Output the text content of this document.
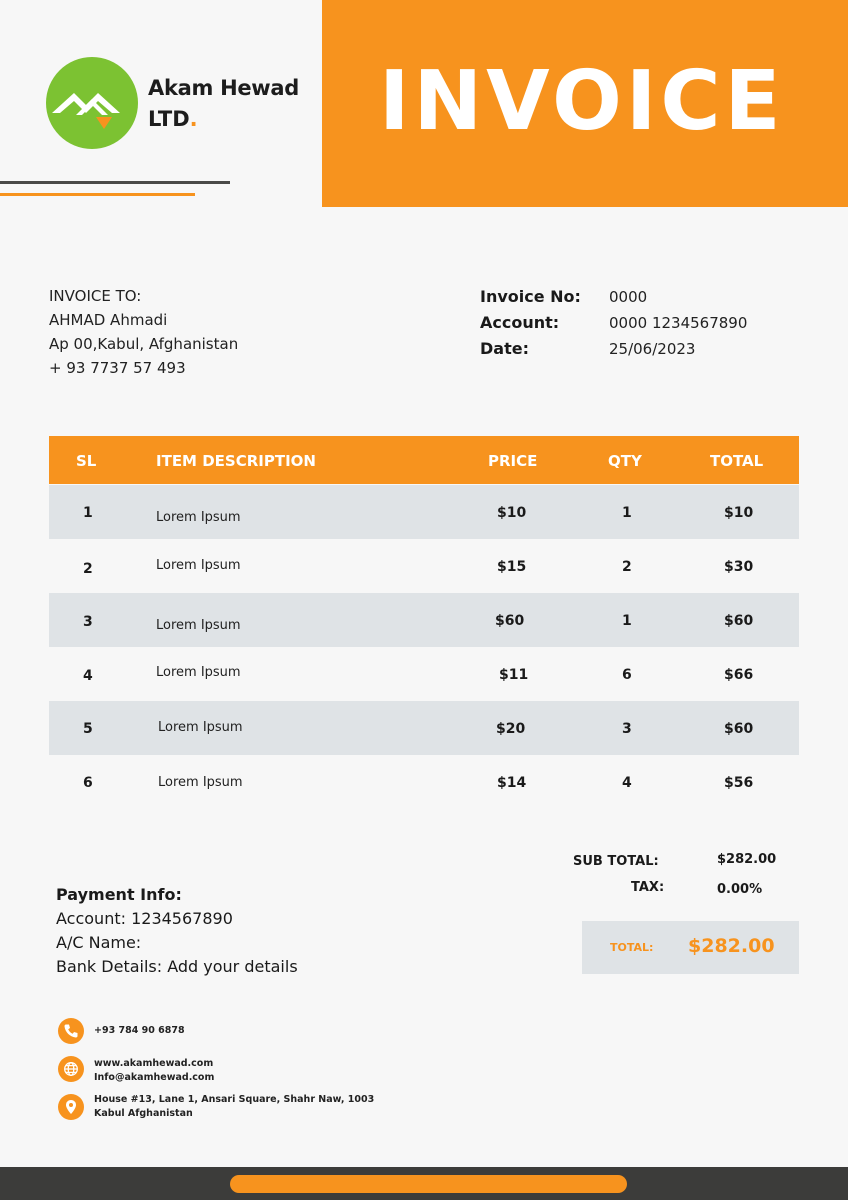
Akam Hewad
LTD. INVOICE
INVOICE TO:
AHMAD Ahmadi
Ap 00,Kabul, Afghanistan
+ 93 7737 57 493
Invoice No: 0000
Account:	0000 1234567890
Date:	25/06/2023
SL	ITEM DESCRIPTION	PRICE	QTY	TOTAL
1	Lorem Ipsum	$10	1	$10
2	Lorem Ipsum	$15	2	$30
3	Lorem Ipsum	$60	1	$60
4	Lorem Ipsum	$11	6	$66
5	Lorem Ipsum	$20	3	$60
6	Lorem Ipsum	$14	4	$56
SUB TOTAL:	$282.00
TAX:	0.00%
TOTAL: $282.00
Payment Info:
Account: 1234567890
A/C Name:
Bank Details: Add your details
+93 784 90 6878
www.akamhewad.com
Info@akamhewad.com
House #13, Lane 1, Ansari Square, Shahr Naw, 1003
Kabul Afghanistan
